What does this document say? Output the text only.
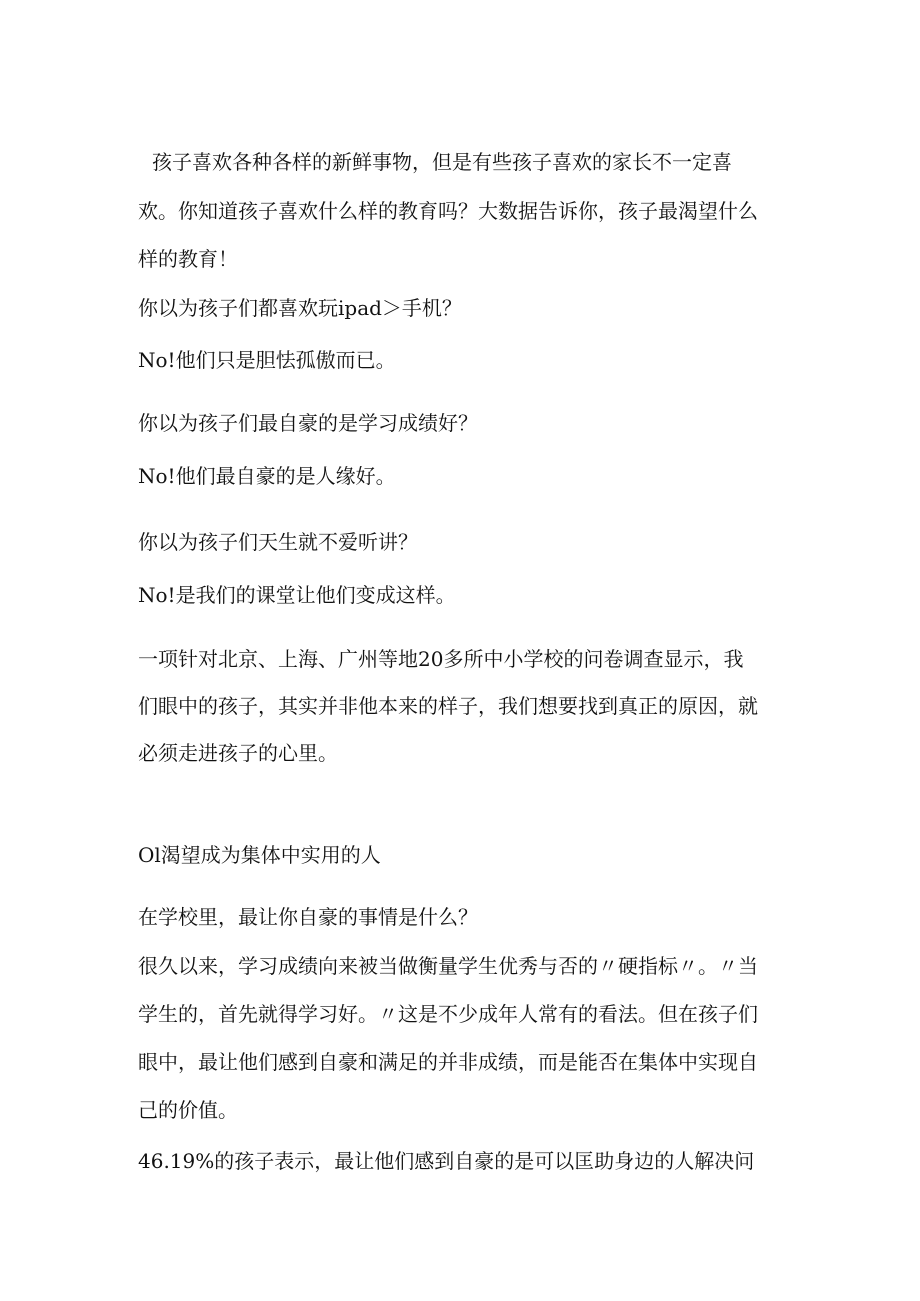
孩子喜欢各种各样的新鲜事物，但是有些孩子喜欢的家长不一定喜
欢。你知道孩子喜欢什么样的教育吗？大数据告诉你，孩子最渴望什么
样的教育！
你以为孩子们都喜欢玩ipad＞手机？
No!他们只是胆怯孤傲而已。
你以为孩子们最自豪的是学习成绩好？
No!他们最自豪的是人缘好。
你以为孩子们天生就不爱听讲？
No!是我们的课堂让他们变成这样。
一项针对北京、上海、广州等地20多所中小学校的问卷调查显示，我
们眼中的孩子，其实并非他本来的样子，我们想要找到真正的原因，就
必须走进孩子的心里。
Ol渴望成为集体中实用的人
在学校里，最让你自豪的事情是什么？
很久以来，学习成绩向来被当做衡量学生优秀与否的〃硬指标〃。〃当
学生的，首先就得学习好。〃这是不少成年人常有的看法。但在孩子们
眼中，最让他们感到自豪和满足的并非成绩，而是能否在集体中实现自
己的价值。
46.19%的孩子表示，最让他们感到自豪的是可以匡助身边的人解决问
